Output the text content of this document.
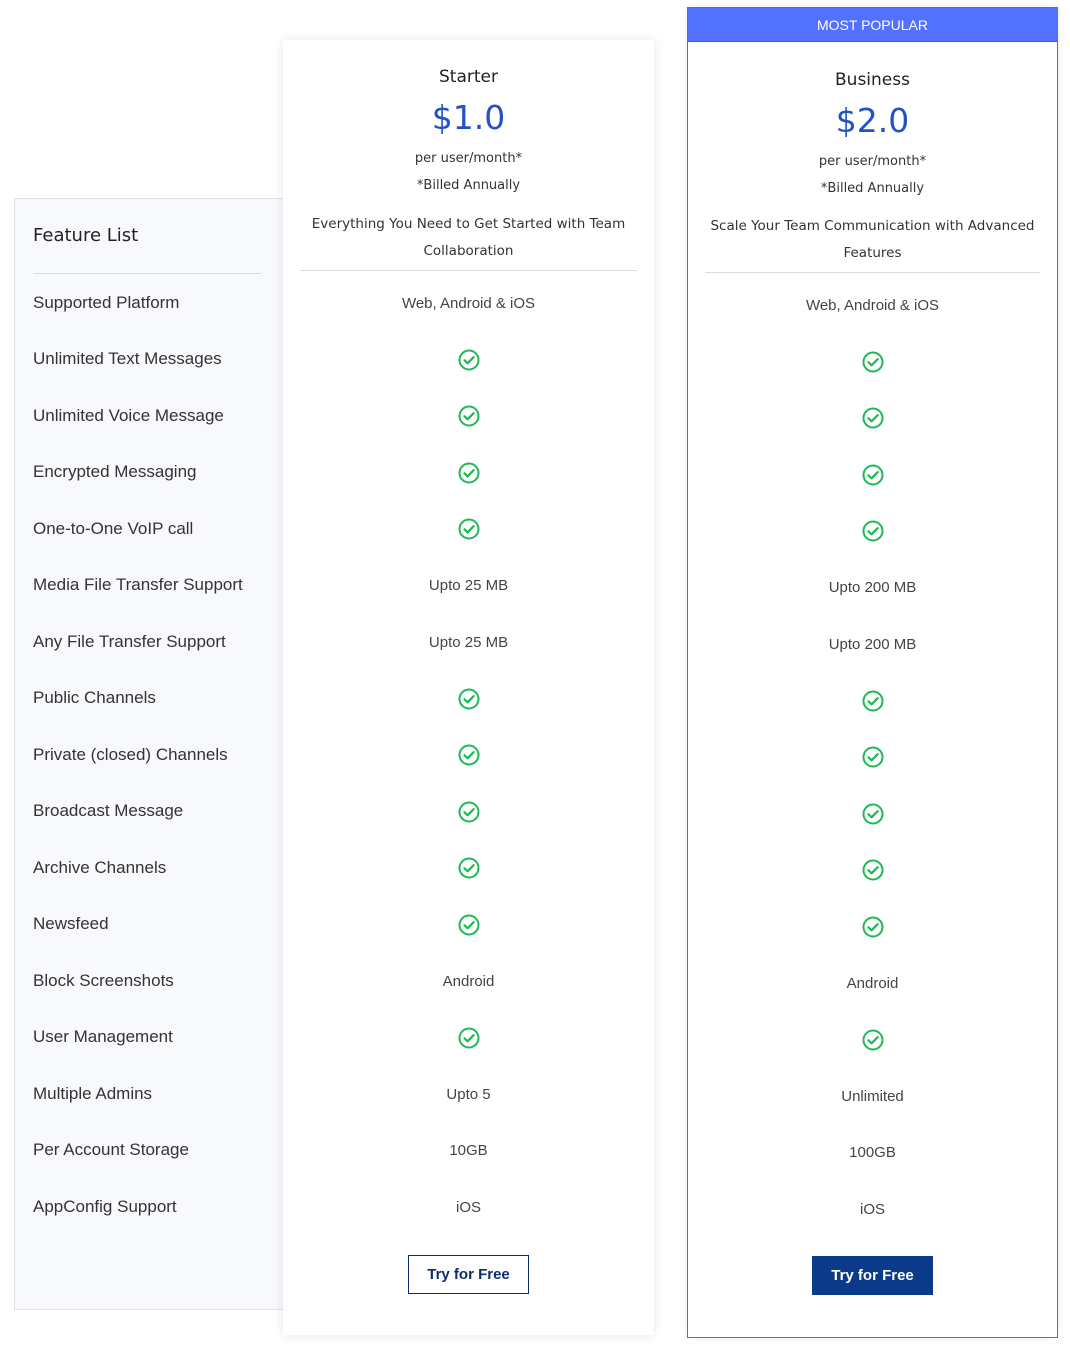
Feature List
Supported Platform
Unlimited Text Messages
Unlimited Voice Message
Encrypted Messaging
One-to-One VoIP call
Media File Transfer Support
Any File Transfer Support
Public Channels
Private (closed) Channels
Broadcast Message
Archive Channels
Newsfeed
Block Screenshots
User Management
Multiple Admins
Per Account Storage
AppConfig Support
Starter
$1.0
per user/month*
*Billed Annually
Everything You Need to Get Started with Team Collaboration
Web, Android & iOS
Upto 25 MB
Upto 25 MB
Android
Upto 5
10GB
iOS
Try for Free
MOST POPULAR
Business
$2.0
per user/month*
*Billed Annually
Scale Your Team Communication with Advanced Features
Web, Android & iOS
Upto 200 MB
Upto 200 MB
Android
Unlimited
100GB
iOS
Try for Free
